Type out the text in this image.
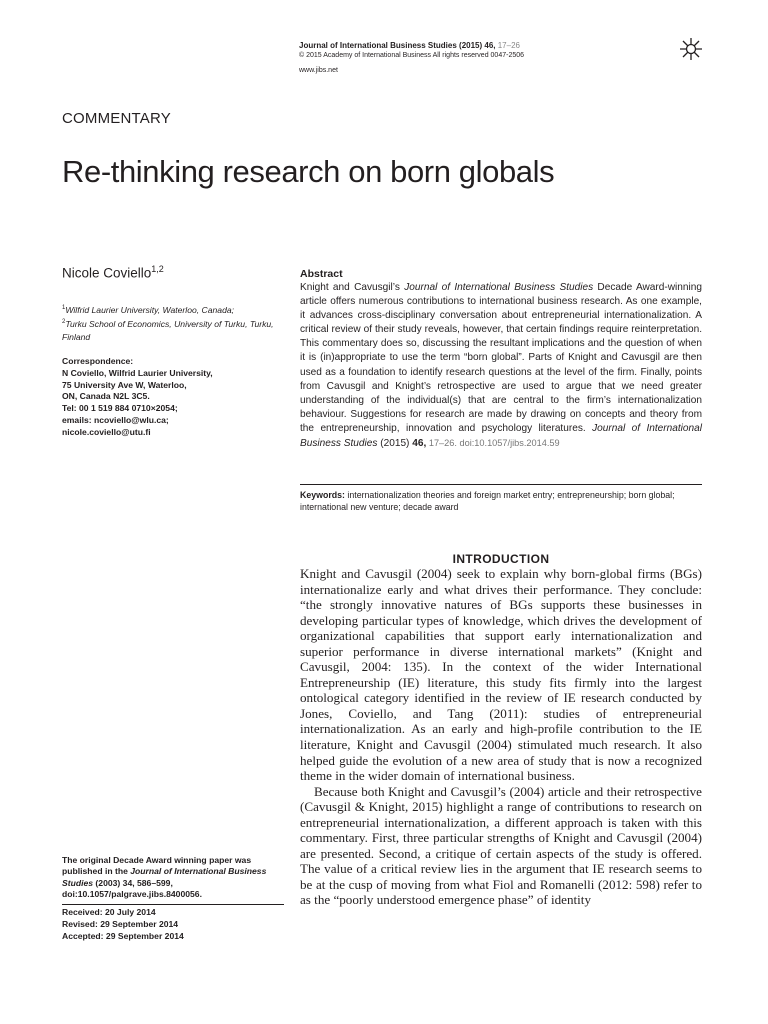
Journal of International Business Studies (2015) 46, 17–26
© 2015 Academy of International Business All rights reserved 0047-2506
www.jibs.net
COMMENTARY
Re-thinking research on born globals
Nicole Coviello$^{1,2}$
$^1$Wilfrid Laurier University, Waterloo, Canada;
$^2$Turku School of Economics, University of Turku, Turku, Finland
Correspondence:
N Coviello, Wilfrid Laurier University,
75 University Ave W, Waterloo,
ON, Canada N2L 3C5.
Tel: 00 1 519 884 0710×2054;
emails: ncoviello@wlu.ca;
nicole.coviello@utu.fi
The original Decade Award winning paper was published in the Journal of International Business Studies (2003) 34, 586–599, doi:10.1057/palgrave.jibs.8400056.
Received: 20 July 2014
Revised: 29 September 2014
Accepted: 29 September 2014
Abstract
Knight and Cavusgil’s Journal of International Business Studies Decade Award-winning article offers numerous contributions to international business research. As one example, it advances cross-disciplinary conversation about entrepreneurial internationalization. A critical review of their study reveals, however, that certain findings require reinterpretation. This commentary does so, discussing the resultant implications and the question of when it is (in)appropriate to use the term “born global”. Parts of Knight and Cavusgil are then used as a foundation to identify research questions at the level of the firm. Finally, points from Cavusgil and Knight’s retrospective are used to argue that we need greater understanding of the individual(s) that are central to the firm’s internationalization behaviour. Suggestions for research are made by drawing on concepts and theory from the entrepreneurship, innovation and psychology literatures. Journal of International Business Studies (2015) 46, 17–26. doi:10.1057/jibs.2014.59
Keywords: internationalization theories and foreign market entry; entrepreneurship; born global; international new venture; decade award
INTRODUCTION

Knight and Cavusgil (2004) seek to explain why born-global firms (BGs) internationalize early and what drives their performance. They conclude: “the strongly innovative natures of BGs supports these businesses in developing particular types of knowledge, which drives the development of organizational capabilities that support early internationalization and superior performance in diverse international markets” (Knight and Cavusgil, 2004: 135). In the context of the wider International Entrepreneurship (IE) literature, this study fits firmly into the largest ontological category identified in the review of IE research conducted by Jones, Coviello, and Tang (2011): studies of entrepreneurial internationalization. As an early and high-profile contribution to the IE literature, Knight and Cavusgil (2004) stimulated much research. It also helped guide the evolution of a new area of study that is now a recognized theme in the wider domain of international business.

Because both Knight and Cavusgil’s (2004) article and their retrospective (Cavusgil & Knight, 2015) highlight a range of contributions to research on entrepreneurial internationalization, a different approach is taken with this commentary. First, three particular strengths of Knight and Cavusgil (2004) are presented. Second, a critique of certain aspects of the study is offered. The value of a critical review lies in the argument that IE research seems to be at the cusp of moving from what Fiol and Romanelli (2012: 598) refer to as the “poorly understood emergence phase” of identity
